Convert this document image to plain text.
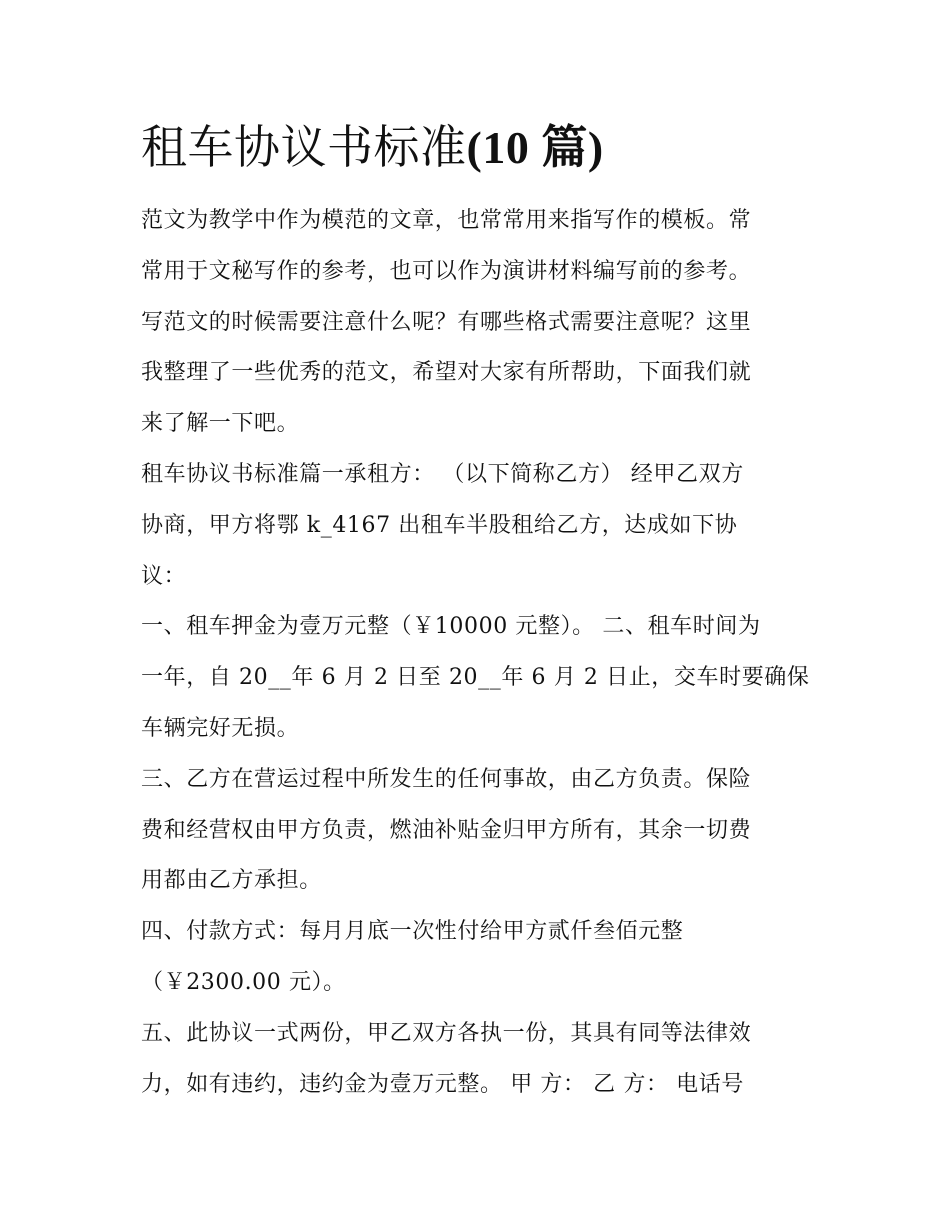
租车协议书标准(10 篇)

范文为教学中作为模范的文章，也常常用来指写作的模板。常
常用于文秘写作的参考，也可以作为演讲材料编写前的参考。
写范文的时候需要注意什么呢？有哪些格式需要注意呢？这里
我整理了一些优秀的范文，希望对大家有所帮助，下面我们就
来了解一下吧。

租车协议书标准篇一承租方： （以下简称乙方） 经甲乙双方
协商，甲方将鄂 k_4167 出租车半股租给乙方，达成如下协
议：

一、租车押金为壹万元整（￥10000 元整）。 二、租车时间为
一年，自 20__年 6 月 2 日至 20__年 6 月 2 日止，交车时要确保
车辆完好无损。

三、乙方在营运过程中所发生的任何事故，由乙方负责。保险
费和经营权由甲方负责，燃油补贴金归甲方所有，其余一切费
用都由乙方承担。

四、付款方式：每月月底一次性付给甲方贰仟叁佰元整
（￥2300.00 元）。

五、此协议一式两份，甲乙双方各执一份，其具有同等法律效
力，如有违约，违约金为壹万元整。 甲 方： 乙 方： 电话号
